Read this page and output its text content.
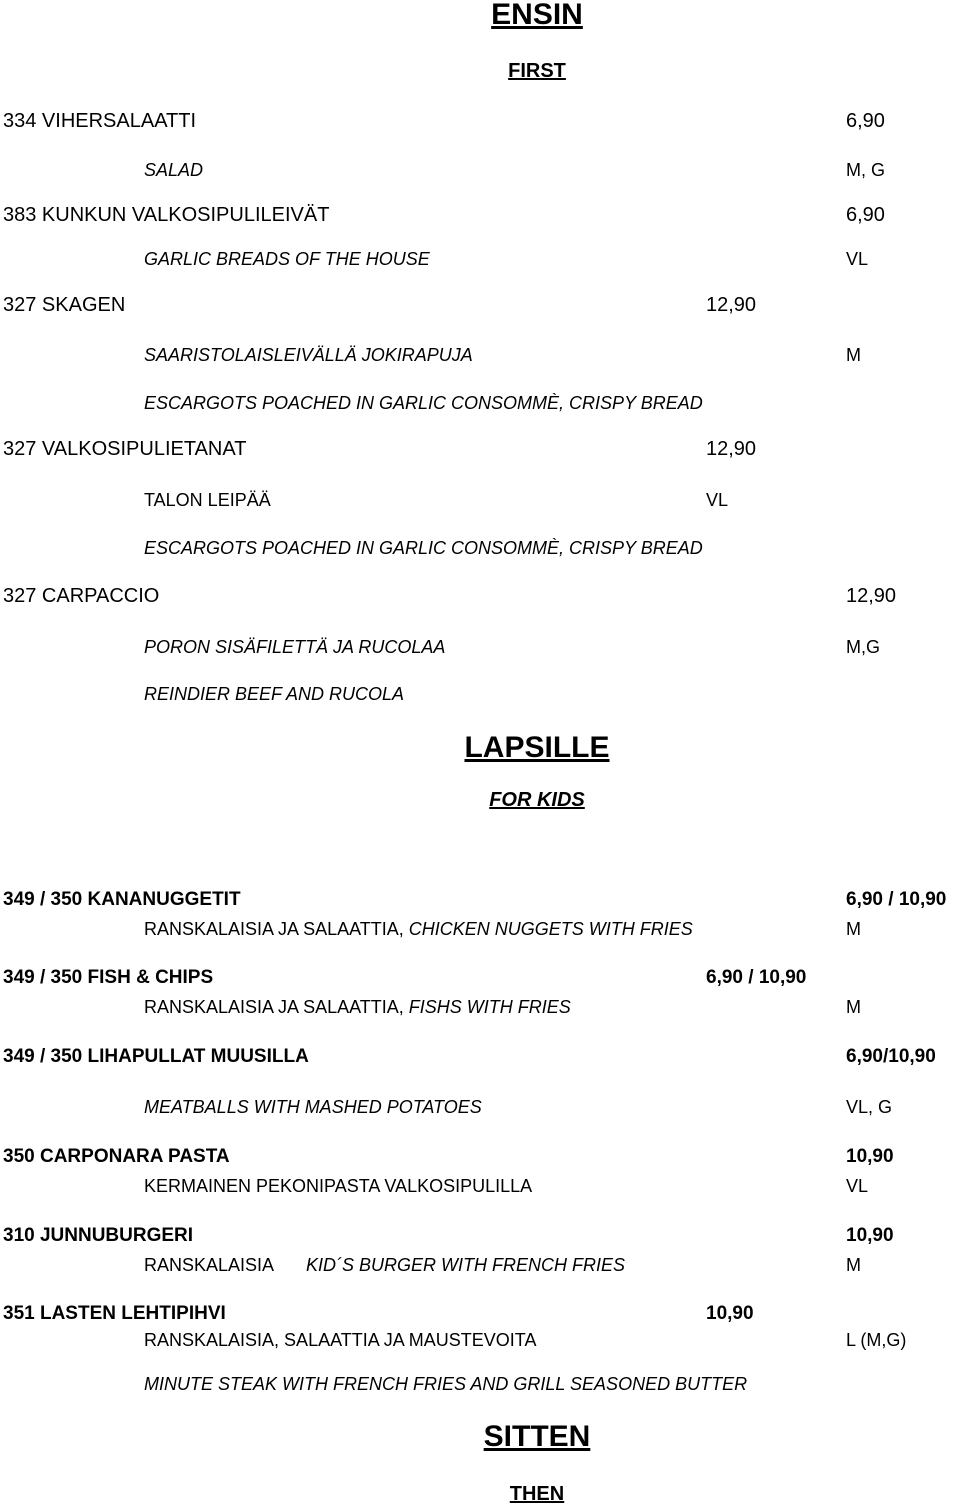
ENSIN
FIRST
334 VIHERSALAATTI	6,90
SALAD	M, G
383 KUNKUN VALKOSIPULILEIVÄT	6,90
GARLIC BREADS OF THE HOUSE	VL
327 SKAGEN	12,90
SAARISTOLAISLEIVÄLLÄ JOKIRAPUJA	M
ESCARGOTS POACHED IN GARLIC CONSOMMÈ, CRISPY BREAD
327 VALKOSIPULIETANAT	12,90
TALON LEIPÄÄ	VL
ESCARGOTS POACHED IN GARLIC CONSOMMÈ, CRISPY BREAD
327 CARPACCIO	12,90
PORON SISÄFILETTÄ JA RUCOLAA	M,G
REINDIER BEEF AND RUCOLA
LAPSILLE
FOR KIDS
349 / 350 KANANUGGETIT	6,90 / 10,90
RANSKALAISIA JA SALAATTIA, CHICKEN NUGGETS WITH FRIES	M
349 / 350 FISH & CHIPS	6,90 / 10,90
RANSKALAISIA JA SALAATTIA, FISHS WITH FRIES	M
349 / 350 LIHAPULLAT MUUSILLA	6,90/10,90
MEATBALLS WITH MASHED POTATOES	VL, G
350 CARPONARA PASTA	10,90
KERMAINEN PEKONIPASTA VALKOSIPULILLA	VL
310 JUNNUBURGERI	10,90
RANSKALAISIA KID´S BURGER WITH FRENCH FRIES	M
351 LASTEN LEHTIPIHVI	10,90
RANSKALAISIA, SALAATTIA JA MAUSTEVOITA	L (M,G)
MINUTE STEAK WITH FRENCH FRIES AND GRILL SEASONED BUTTER
SITTEN
THEN
